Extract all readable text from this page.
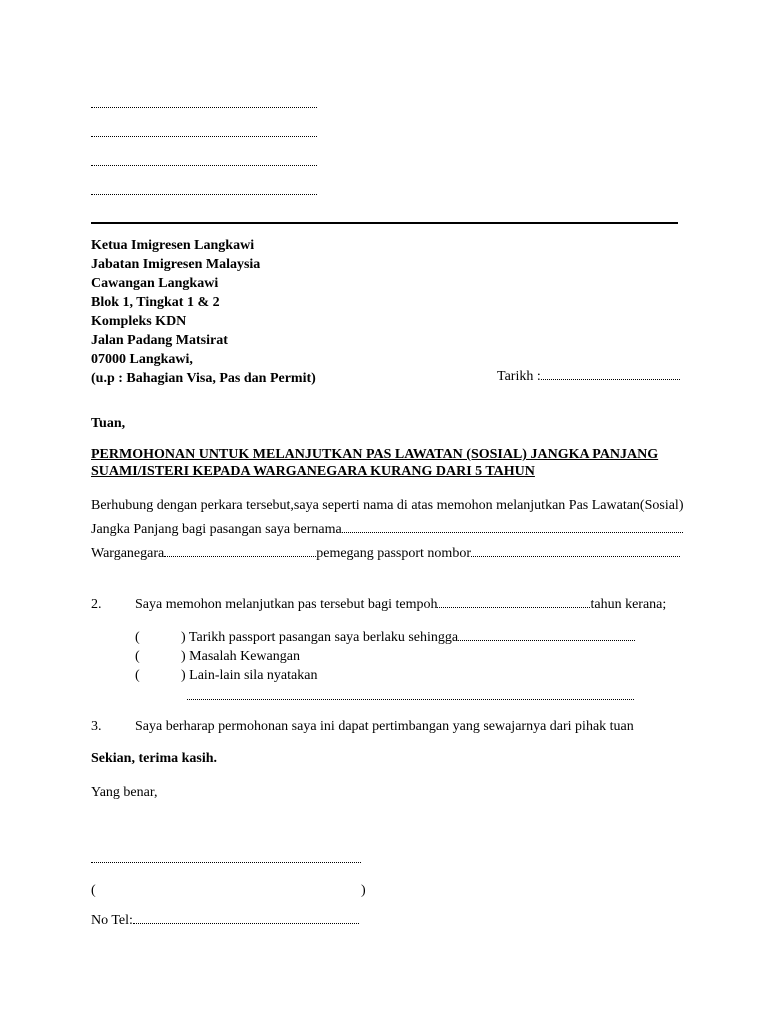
Ketua Imigresen Langkawi
Jabatan Imigresen Malaysia
Cawangan Langkawi
Blok 1, Tingkat 1 & 2
Kompleks KDN
Jalan Padang Matsirat
07000 Langkawi,
(u.p : Bahagian Visa, Pas dan Permit)	Tarikh :
Tuan,
PERMOHONAN UNTUK MELANJUTKAN PAS LAWATAN (SOSIAL) JANGKA PANJANG
SUAMI/ISTERI KEPADA WARGANEGARA KURANG DARI 5 TAHUN
Berhubung dengan perkara tersebut,saya seperti nama di atas memohon melanjutkan Pas Lawatan(Sosial)
Jangka Panjang bagi pasangan saya bernama
Warganegara	pemegang passport nombor
2. Saya memohon melanjutkan pas tersebut bagi tempoh	tahun kerana;
(	) Tarikh passport pasangan saya berlaku sehingga
(	) Masalah Kewangan
(	) Lain-lain sila nyatakan
3. Saya berharap permohonan saya ini dapat pertimbangan yang sewajarnya dari pihak tuan
Sekian, terima kasih.
Yang benar,
(	)
No Tel:
